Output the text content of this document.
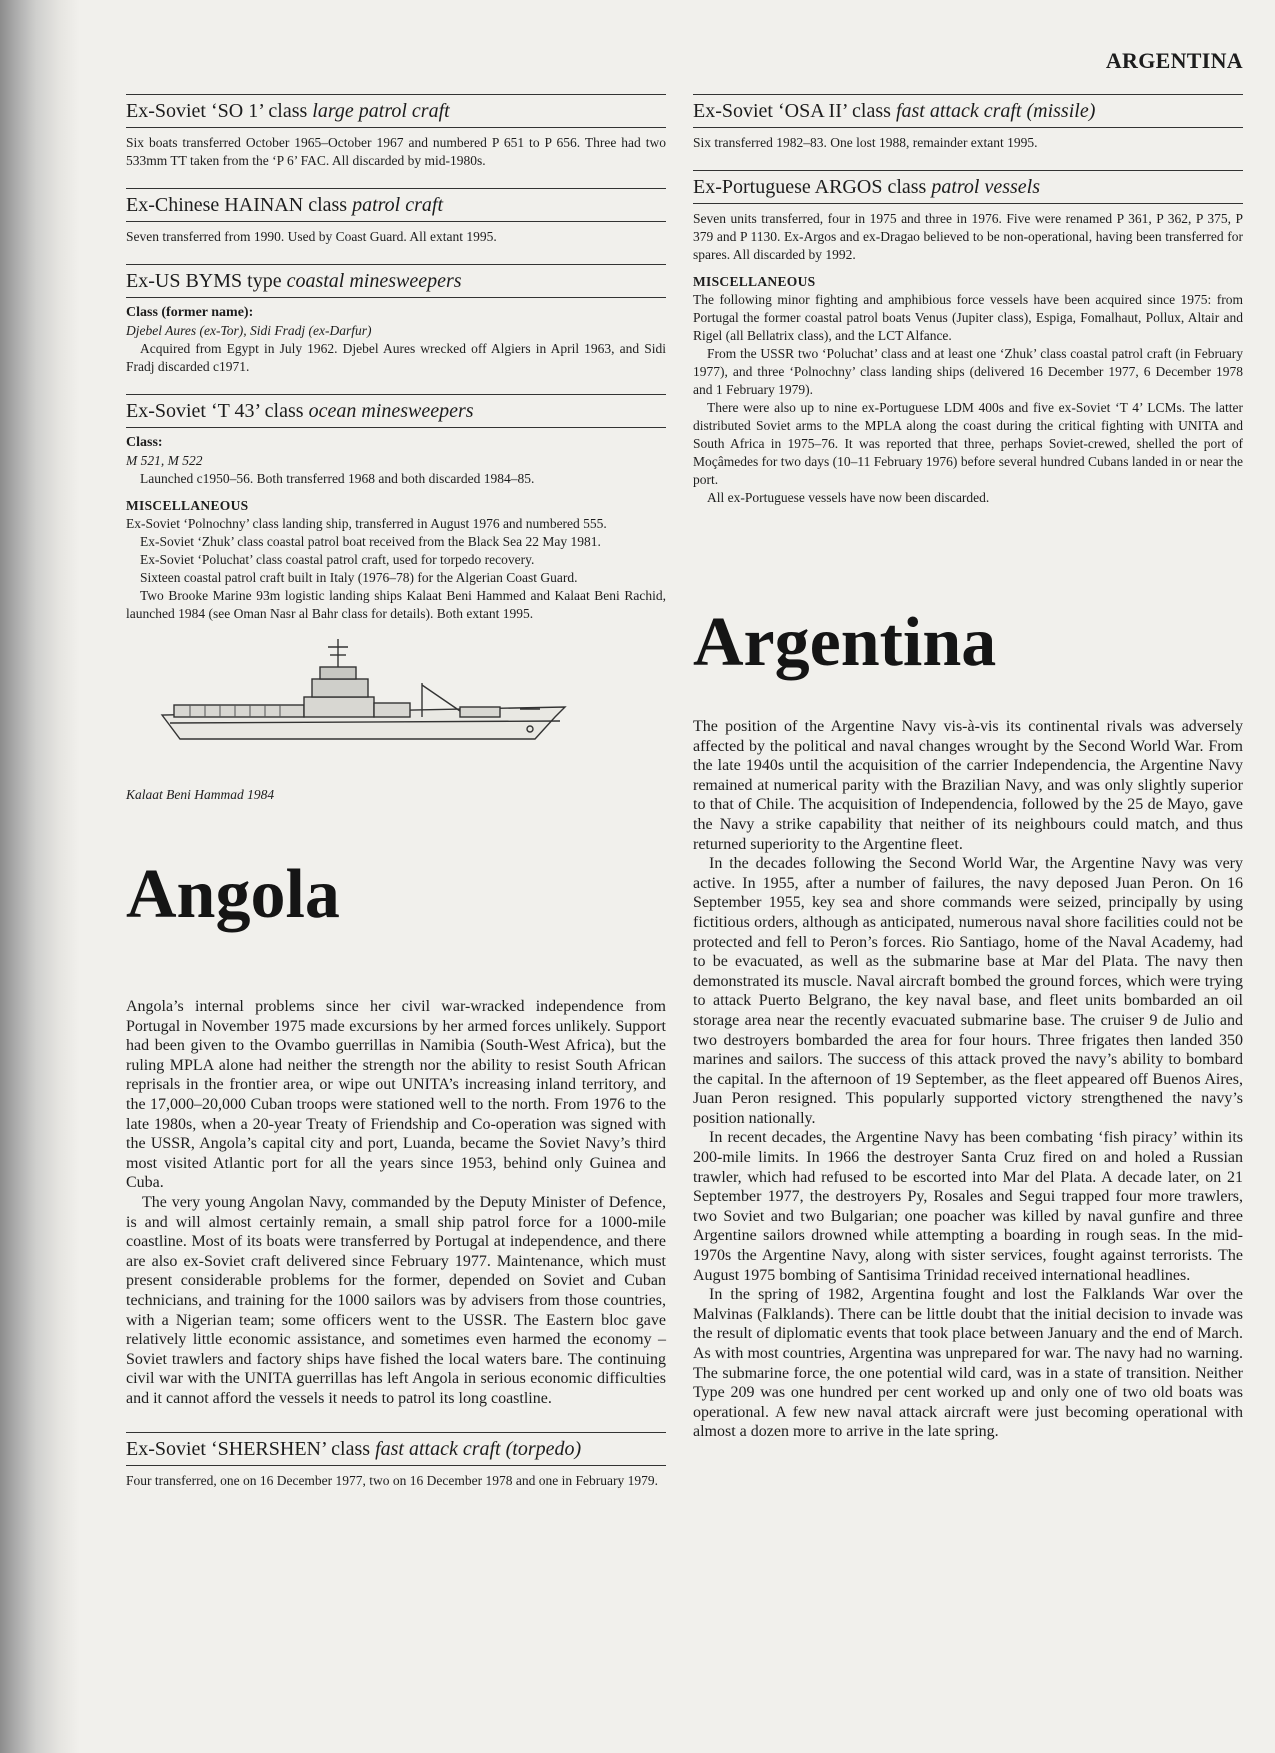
ARGENTINA
Ex-Soviet ‘SO 1’ class large patrol craft

Six boats transferred October 1965–October 1967 and numbered P 651 to P 656. Three had two 533mm TT taken from the ‘P 6’ FAC. All discarded by mid-1980s.

Ex-Chinese HAINAN class patrol craft

Seven transferred from 1990. Used by Coast Guard. All extant 1995.

Ex-US BYMS type coastal minesweepers

Class (former name):

Djebel Aures (ex-Tor), Sidi Fradj (ex-Darfur)

Acquired from Egypt in July 1962. Djebel Aures wrecked off Algiers in April 1963, and Sidi Fradj discarded c1971.

Ex-Soviet ‘T 43’ class ocean minesweepers

Class:

M 521, M 522

Launched c1950–56. Both transferred 1968 and both discarded 1984–85.

MISCELLANEOUS

Ex-Soviet ‘Polnochny’ class landing ship, transferred in August 1976 and numbered 555.

Ex-Soviet ‘Zhuk’ class coastal patrol boat received from the Black Sea 22 May 1981.

Ex-Soviet ‘Poluchat’ class coastal patrol craft, used for torpedo recovery.

Sixteen coastal patrol craft built in Italy (1976–78) for the Algerian Coast Guard.

Two Brooke Marine 93m logistic landing ships Kalaat Beni Hammed and Kalaat Beni Rachid, launched 1984 (see Oman Nasr al Bahr class for details). Both extant 1995.

Kalaat Beni Hammad 1984

Angola

Angola’s internal problems since her civil war-wracked independence from Portugal in November 1975 made excursions by her armed forces unlikely. Support had been given to the Ovambo guerrillas in Namibia (South-West Africa), but the ruling MPLA alone had neither the strength nor the ability to resist South African reprisals in the frontier area, or wipe out UNITA’s increasing inland territory, and the 17,000–20,000 Cuban troops were stationed well to the north. From 1976 to the late 1980s, when a 20-year Treaty of Friendship and Co-operation was signed with the USSR, Angola’s capital city and port, Luanda, became the Soviet Navy’s third most visited Atlantic port for all the years since 1953, behind only Guinea and Cuba.

The very young Angolan Navy, commanded by the Deputy Minister of Defence, is and will almost certainly remain, a small ship patrol force for a 1000-mile coastline. Most of its boats were transferred by Portugal at independence, and there are also ex-Soviet craft delivered since February 1977. Maintenance, which must present considerable problems for the former, depended on Soviet and Cuban technicians, and training for the 1000 sailors was by advisers from those countries, with a Nigerian team; some officers went to the USSR. The Eastern bloc gave relatively little economic assistance, and sometimes even harmed the economy – Soviet trawlers and factory ships have fished the local waters bare. The continuing civil war with the UNITA guerrillas has left Angola in serious economic difficulties and it cannot afford the vessels it needs to patrol its long coastline.

Ex-Soviet ‘SHERSHEN’ class fast attack craft (torpedo)

Four transferred, one on 16 December 1977, two on 16 December 1978 and one in February 1979.

Ex-Soviet ‘OSA II’ class fast attack craft (missile)

Six transferred 1982–83. One lost 1988, remainder extant 1995.

Ex-Portuguese ARGOS class patrol vessels

Seven units transferred, four in 1975 and three in 1976. Five were renamed P 361, P 362, P 375, P 379 and P 1130. Ex-Argos and ex-Dragao believed to be non-operational, having been transferred for spares. All discarded by 1992.

MISCELLANEOUS

The following minor fighting and amphibious force vessels have been acquired since 1975: from Portugal the former coastal patrol boats Venus (Jupiter class), Espiga, Fomalhaut, Pollux, Altair and Rigel (all Bellatrix class), and the LCT Alfance.

From the USSR two ‘Poluchat’ class and at least one ‘Zhuk’ class coastal patrol craft (in February 1977), and three ‘Polnochny’ class landing ships (delivered 16 December 1977, 6 December 1978 and 1 February 1979).

There were also up to nine ex-Portuguese LDM 400s and five ex-Soviet ‘T 4’ LCMs. The latter distributed Soviet arms to the MPLA along the coast during the critical fighting with UNITA and South Africa in 1975–76. It was reported that three, perhaps Soviet-crewed, shelled the port of Moçâmedes for two days (10–11 February 1976) before several hundred Cubans landed in or near the port.

All ex-Portuguese vessels have now been discarded.

Argentina

The position of the Argentine Navy vis-à-vis its continental rivals was adversely affected by the political and naval changes wrought by the Second World War. From the late 1940s until the acquisition of the carrier Independencia, the Argentine Navy remained at numerical parity with the Brazilian Navy, and was only slightly superior to that of Chile. The acquisition of Independencia, followed by the 25 de Mayo, gave the Navy a strike capability that neither of its neighbours could match, and thus returned superiority to the Argentine fleet.

In the decades following the Second World War, the Argentine Navy was very active. In 1955, after a number of failures, the navy deposed Juan Peron. On 16 September 1955, key sea and shore commands were seized, principally by using fictitious orders, although as anticipated, numerous naval shore facilities could not be protected and fell to Peron’s forces. Rio Santiago, home of the Naval Academy, had to be evacuated, as well as the submarine base at Mar del Plata. The navy then demonstrated its muscle. Naval aircraft bombed the ground forces, which were trying to attack Puerto Belgrano, the key naval base, and fleet units bombarded an oil storage area near the recently evacuated submarine base. The cruiser 9 de Julio and two destroyers bombarded the area for four hours. Three frigates then landed 350 marines and sailors. The success of this attack proved the navy’s ability to bombard the capital. In the afternoon of 19 September, as the fleet appeared off Buenos Aires, Juan Peron resigned. This popularly supported victory strengthened the navy’s position nationally.

In recent decades, the Argentine Navy has been combating ‘fish piracy’ within its 200-mile limits. In 1966 the destroyer Santa Cruz fired on and holed a Russian trawler, which had refused to be escorted into Mar del Plata. A decade later, on 21 September 1977, the destroyers Py, Rosales and Segui trapped four more trawlers, two Soviet and two Bulgarian; one poacher was killed by naval gunfire and three Argentine sailors drowned while attempting a boarding in rough seas. In the mid-1970s the Argentine Navy, along with sister services, fought against terrorists. The August 1975 bombing of Santisima Trinidad received international headlines.

In the spring of 1982, Argentina fought and lost the Falklands War over the Malvinas (Falklands). There can be little doubt that the initial decision to invade was the result of diplomatic events that took place between January and the end of March. As with most countries, Argentina was unprepared for war. The navy had no warning. The submarine force, the one potential wild card, was in a state of transition. Neither Type 209 was one hundred per cent worked up and only one of two old boats was operational. A few new naval attack aircraft were just becoming operational with almost a dozen more to arrive in the late spring.
